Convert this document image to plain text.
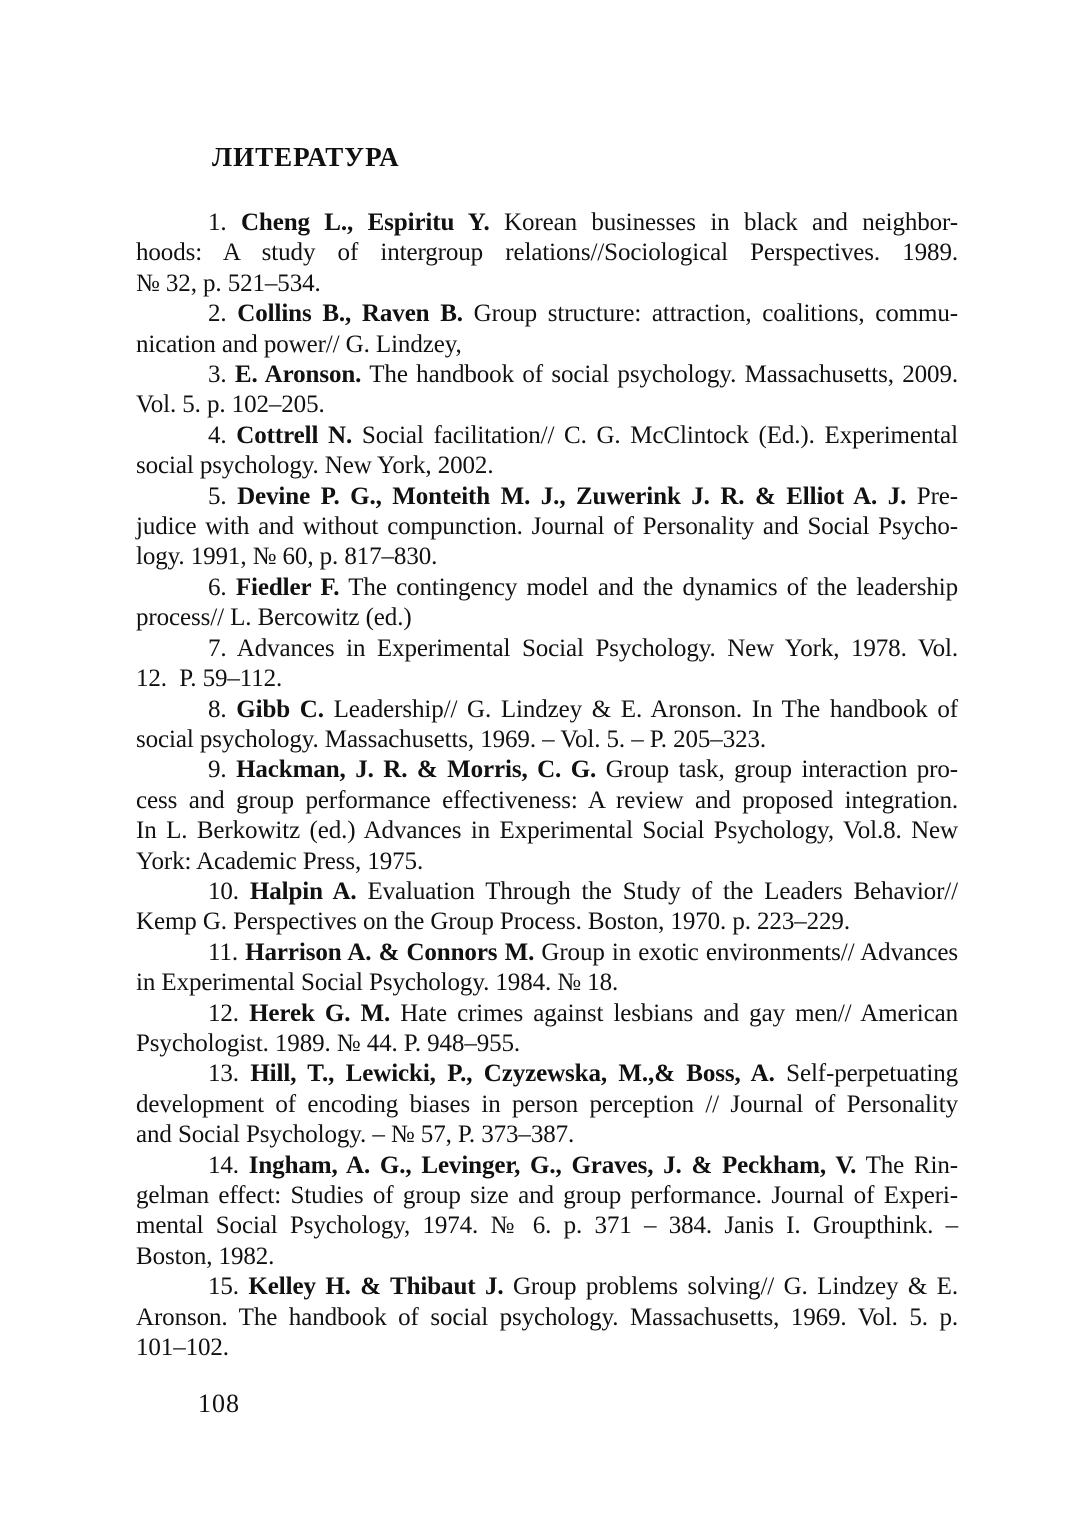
ЛИТЕРАТУРА
1. Cheng L., Espiritu Y. Korean businesses in black and neighbor-
hoods: A study of intergroup relations//Sociological Perspectives. 1989.
№ 32, p. 521–534.
2. Collins B., Raven B. Group structure: attraction, coalitions, commu-
nication and power// G. Lindzey,
3. E. Aronson. The handbook of social psychology. Massachusetts, 2009.
Vol. 5. p. 102–205.
4. Cottrell N. Social facilitation// C. G. McClintock (Ed.). Experimental
social psychology. New York, 2002.
5. Devine P. G., Monteith M. J., Zuwerink J. R. & Elliot A. J. Pre-
judice with and without compunction. Journal of Personality and Social Psycho-
logy. 1991, № 60, p. 817–830.
6. Fiedler F. The contingency model and the dynamics of the leadership
process// L. Bercowitz (ed.)
7. Advances in Experimental Social Psychology. New York, 1978. Vol.
12.  P. 59–112.
8. Gibb C. Leadership// G. Lindzey & E. Aronson. In The handbook of
social psychology. Massachusetts, 1969. – Vol. 5. – P. 205–323.
9. Hackman, J. R. & Morris, C. G. Group task, group interaction pro-
cess and group performance effectiveness: A review and proposed integration.
In L. Berkowitz (ed.) Advances in Experimental Social Psychology, Vol.8. New
York: Academic Press, 1975.
10. Halpin A. Evaluation Through the Study of the Leaders Behavior//
Kemp G. Perspectives on the Group Process. Boston, 1970. p. 223–229.
11. Harrison A. & Connors M. Group in exotic environments// Advances
in Experimental Social Psychology. 1984. № 18.
12. Herek G. M. Hate crimes against lesbians and gay men// American
Psychologist. 1989. № 44. P. 948–955.
13. Hill, T., Lewicki, P., Czyzewska, M.,& Boss, A. Self-perpetuating
development of encoding biases in person perception // Journal of Personality
and Social Psychology. – № 57, P. 373–387.
14. Ingham, A. G., Levinger, G., Graves, J. & Peckham, V. The Rin-
gelman effect: Studies of group size and group performance. Journal of Experi-
mental Social Psychology, 1974. № 6. p. 371 – 384. Janis I. Groupthink. –
Boston, 1982.
15. Kelley H. & Thibaut J. Group problems solving// G. Lindzey & E.
Aronson. The handbook of social psychology. Massachusetts, 1969. Vol. 5. p.
101–102.
108
